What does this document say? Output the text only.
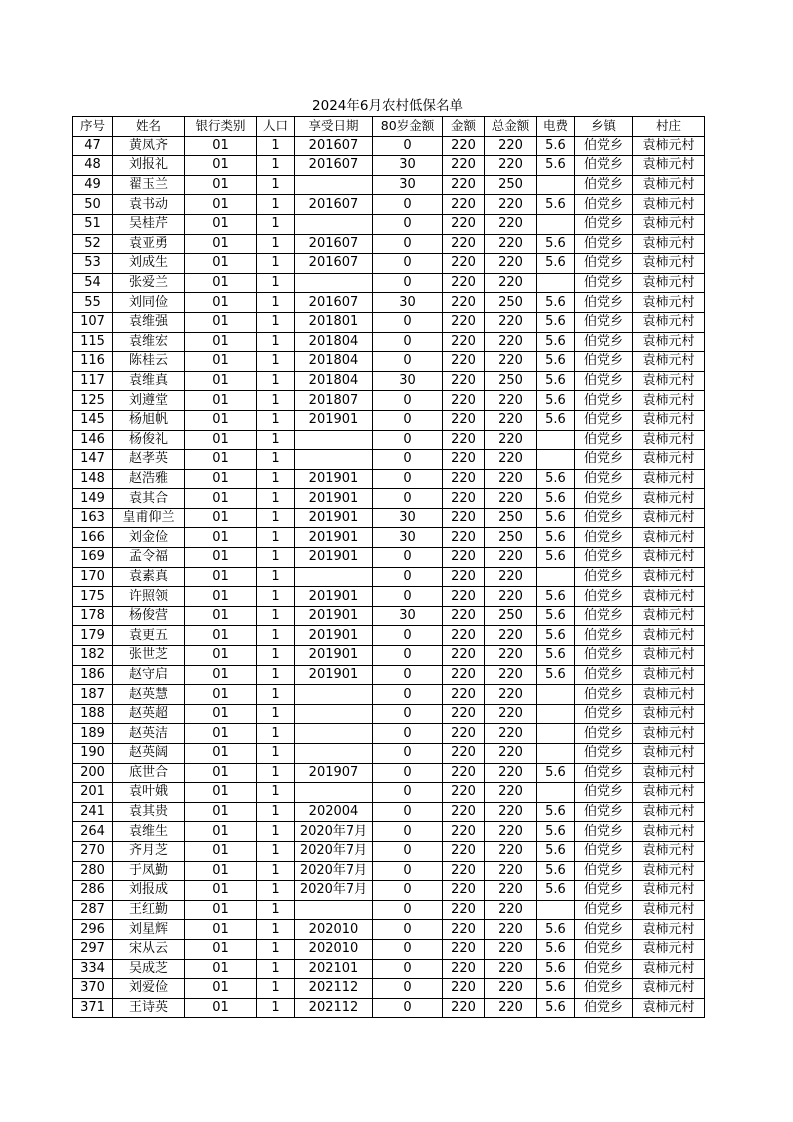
2024年6月农村低保名单
序号	姓名	银行类别	人口	享受日期	80岁金额	金额	总金额	电费	乡镇	村庄
47	黄凤齐	01	1	201607	0	220	220	5.6	伯党乡	袁柿元村
48	刘报礼	01	1	201607	30	220	220	5.6	伯党乡	袁柿元村
49	翟玉兰	01	1		30	220	250		伯党乡	袁柿元村
50	袁书动	01	1	201607	0	220	220	5.6	伯党乡	袁柿元村
51	吴桂芹	01	1		0	220	220		伯党乡	袁柿元村
52	袁亚勇	01	1	201607	0	220	220	5.6	伯党乡	袁柿元村
53	刘成生	01	1	201607	0	220	220	5.6	伯党乡	袁柿元村
54	张爱兰	01	1		0	220	220		伯党乡	袁柿元村
55	刘同俭	01	1	201607	30	220	250	5.6	伯党乡	袁柿元村
107	袁维强	01	1	201801	0	220	220	5.6	伯党乡	袁柿元村
115	袁维宏	01	1	201804	0	220	220	5.6	伯党乡	袁柿元村
116	陈桂云	01	1	201804	0	220	220	5.6	伯党乡	袁柿元村
117	袁维真	01	1	201804	30	220	250	5.6	伯党乡	袁柿元村
125	刘遵堂	01	1	201807	0	220	220	5.6	伯党乡	袁柿元村
145	杨旭帆	01	1	201901	0	220	220	5.6	伯党乡	袁柿元村
146	杨俊礼	01	1		0	220	220		伯党乡	袁柿元村
147	赵孝英	01	1		0	220	220		伯党乡	袁柿元村
148	赵浩雅	01	1	201901	0	220	220	5.6	伯党乡	袁柿元村
149	袁其合	01	1	201901	0	220	220	5.6	伯党乡	袁柿元村
163	皇甫仰兰	01	1	201901	30	220	250	5.6	伯党乡	袁柿元村
166	刘金俭	01	1	201901	30	220	250	5.6	伯党乡	袁柿元村
169	孟令福	01	1	201901	0	220	220	5.6	伯党乡	袁柿元村
170	袁素真	01	1		0	220	220		伯党乡	袁柿元村
175	许照领	01	1	201901	0	220	220	5.6	伯党乡	袁柿元村
178	杨俊营	01	1	201901	30	220	250	5.6	伯党乡	袁柿元村
179	袁更五	01	1	201901	0	220	220	5.6	伯党乡	袁柿元村
182	张世芝	01	1	201901	0	220	220	5.6	伯党乡	袁柿元村
186	赵守启	01	1	201901	0	220	220	5.6	伯党乡	袁柿元村
187	赵英慧	01	1		0	220	220		伯党乡	袁柿元村
188	赵英超	01	1		0	220	220		伯党乡	袁柿元村
189	赵英洁	01	1		0	220	220		伯党乡	袁柿元村
190	赵英阔	01	1		0	220	220		伯党乡	袁柿元村
200	底世合	01	1	201907	0	220	220	5.6	伯党乡	袁柿元村
201	袁叶娥	01	1		0	220	220		伯党乡	袁柿元村
241	袁其贵	01	1	202004	0	220	220	5.6	伯党乡	袁柿元村
264	袁维生	01	1	2020年7月	0	220	220	5.6	伯党乡	袁柿元村
270	齐月芝	01	1	2020年7月	0	220	220	5.6	伯党乡	袁柿元村
280	于凤勤	01	1	2020年7月	0	220	220	5.6	伯党乡	袁柿元村
286	刘报成	01	1	2020年7月	0	220	220	5.6	伯党乡	袁柿元村
287	王红勤	01	1		0	220	220		伯党乡	袁柿元村
296	刘星辉	01	1	202010	0	220	220	5.6	伯党乡	袁柿元村
297	宋从云	01	1	202010	0	220	220	5.6	伯党乡	袁柿元村
334	吴成芝	01	1	202101	0	220	220	5.6	伯党乡	袁柿元村
370	刘爱俭	01	1	202112	0	220	220	5.6	伯党乡	袁柿元村
371	王诗英	01	1	202112	0	220	220	5.6	伯党乡	袁柿元村
